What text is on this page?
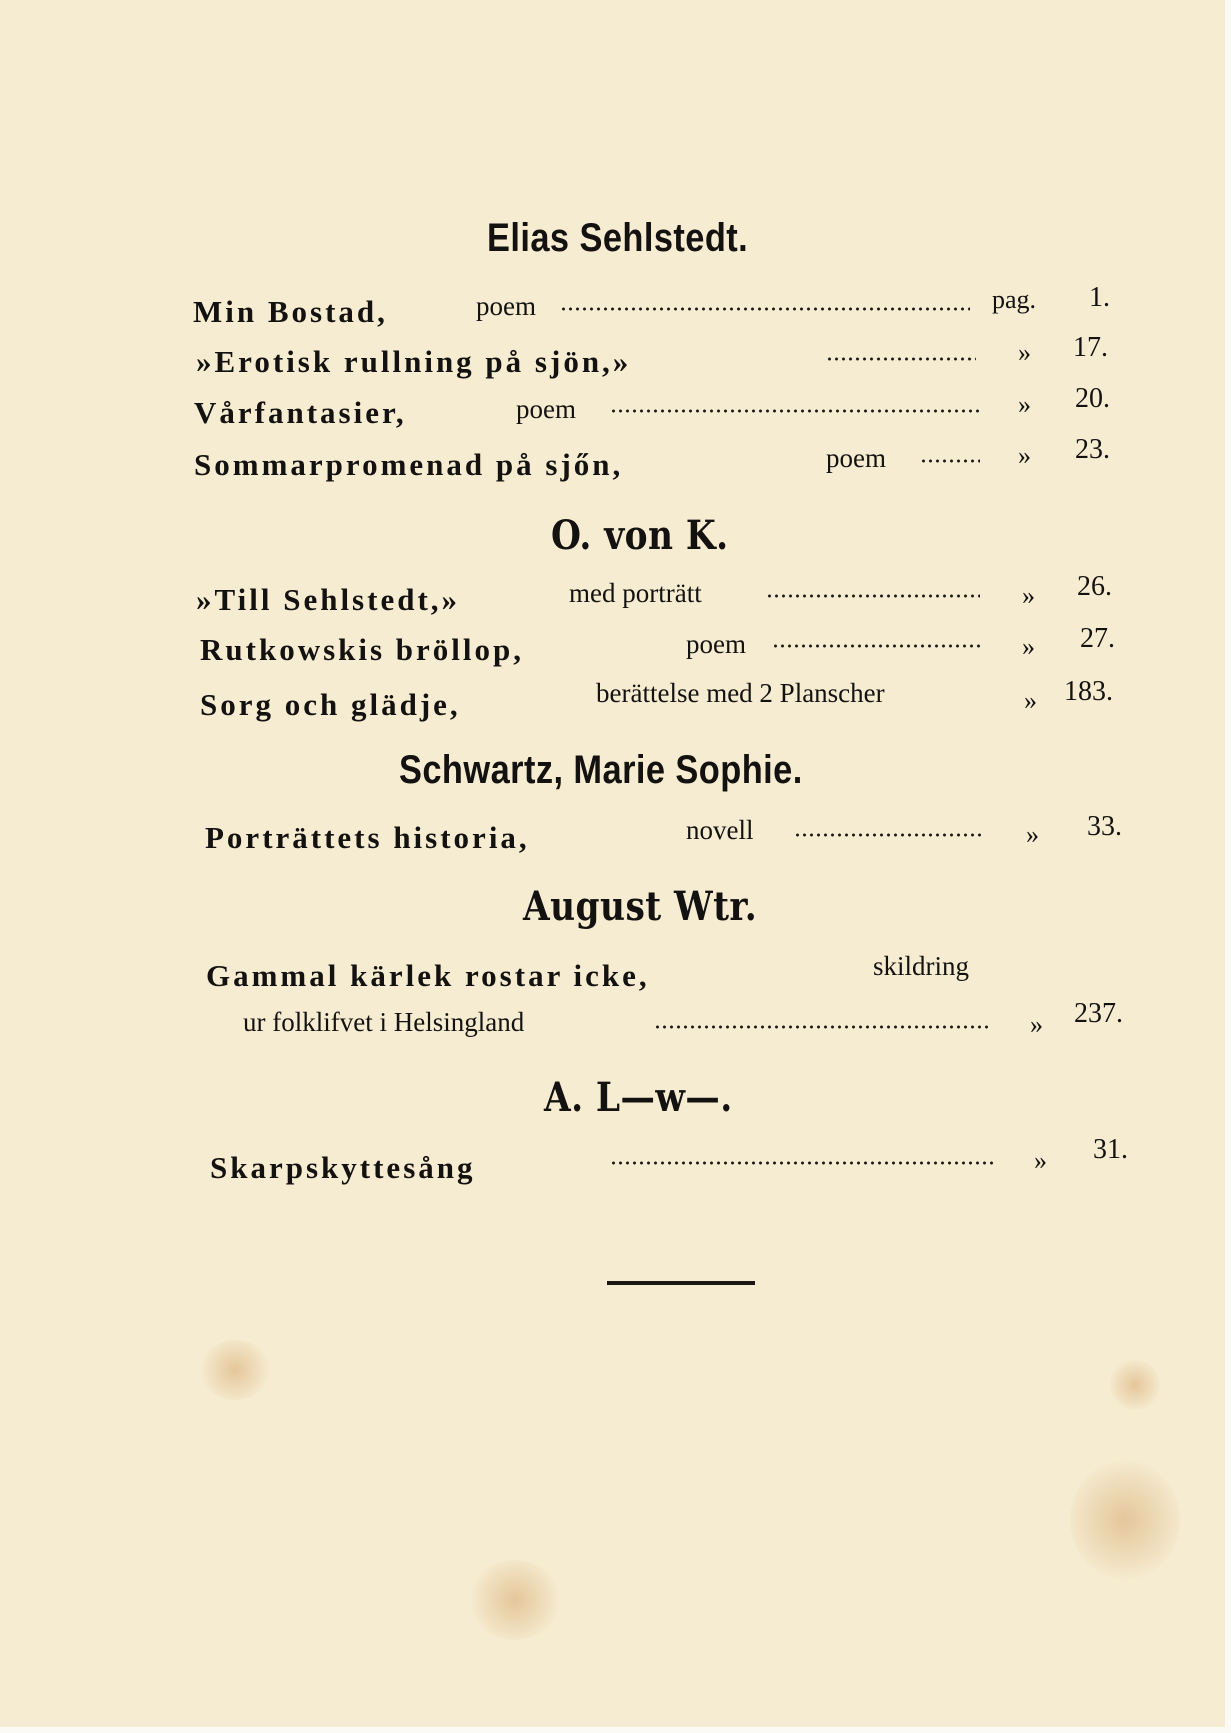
Elias Sehlstedt.
Min Bostad,	poem	pag. 1.
»Erotisk rullning på sjön,»	» 17.
Vårfantasier,	poem	» 20.
Sommarpromenad på sjőn,	poem	» 23.
O. von K.
»Till Sehlstedt,»	med porträtt	» 26.
Rutkowskis bröllop,	poem	» 27.
Sorg och glädje,	berättelse med 2 Planscher	» 183.
Schwartz, Marie Sophie.
Porträttets historia,	novell	» 33.
August Wtr.
Gammal kärlek rostar icke,	skildring
ur folklifvet i Helsingland	» 237.
A. L—w—.
Skarpskyttesång	» 31.
